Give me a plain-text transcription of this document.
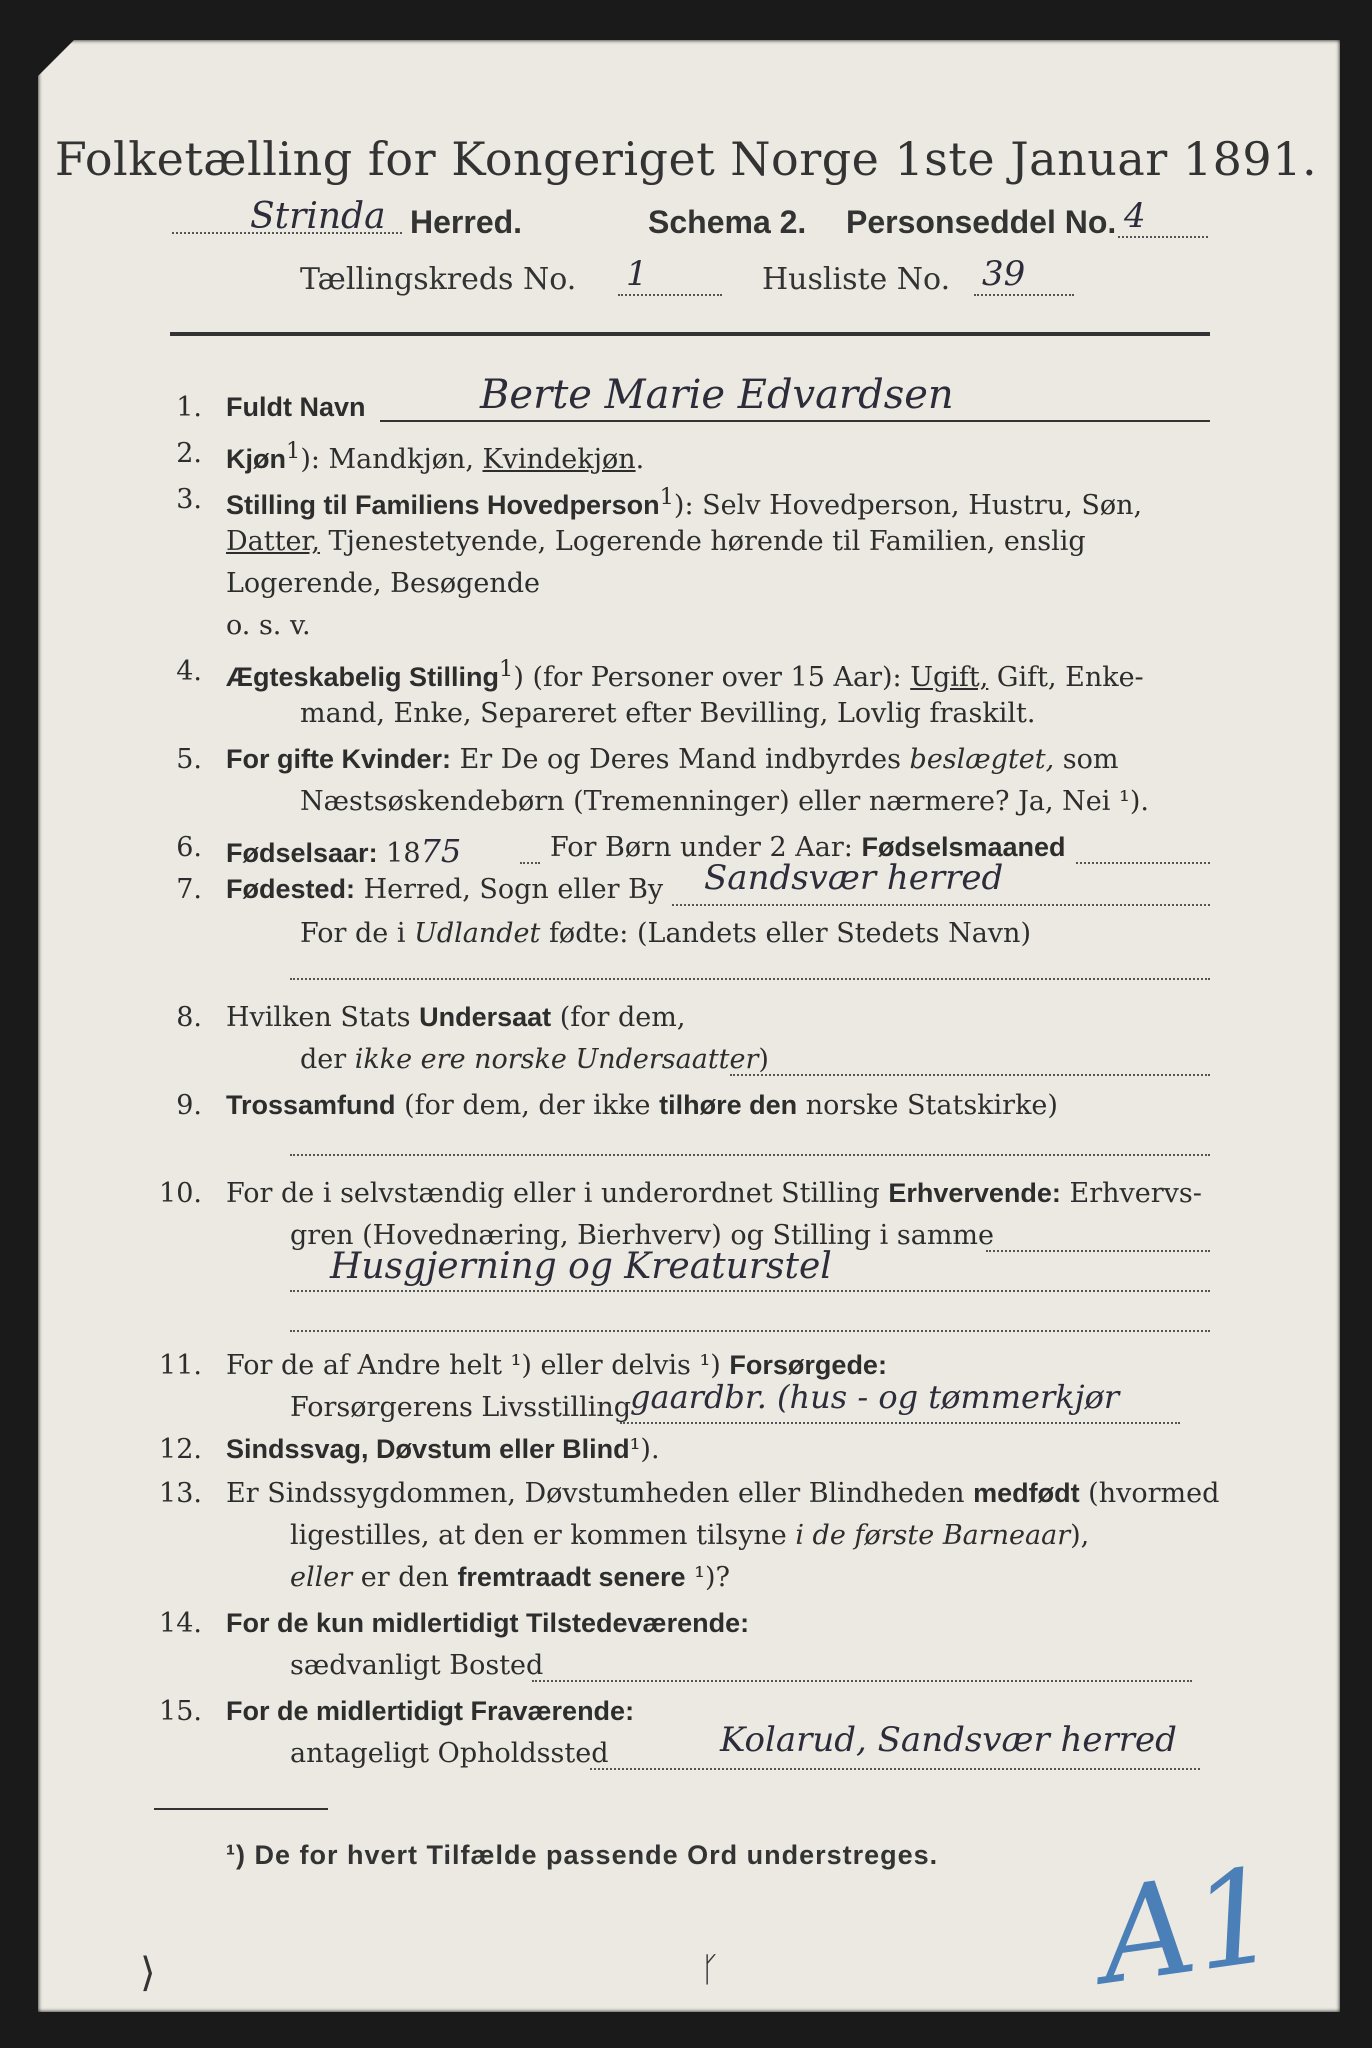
Folketælling for Kongeriget Norge 1ste Januar 1891.
Strinda Herred.	Schema 2. Personseddel No. 4
Tællingskreds No. 1	Husliste No. 39
1. Fuldt Navn	Berte Marie Edvardsen
2. Kjøn$^1$): Mandkjøn, Kvindekjøn.
3. Stilling til Familiens Hovedperson$^1$): Selv Hovedperson, Hustru, Søn,
Datter, Tjenestetyende, Logerende hørende til Familien, enslig
Logerende, Besøgende
o. s. v.
4. Ægteskabelig Stilling$^1$) (for Personer over 15 Aar): Ugift, Gift, Enke-
mand, Enke, Separeret efter Bevilling, Lovlig fraskilt.
5. For gifte Kvinder: Er De og Deres Mand indbyrdes beslægtet, som
Næstsøskendebørn (Tremenninger) eller nærmere? Ja, Nei ¹).
6. Fødselsaar: 1875	For Børn under 2 Aar: Fødselsmaaned
7. Fødested: Herred, Sogn eller By Sandsvær herred
For de i Udlandet fødte: (Landets eller Stedets Navn)
8. Hvilken Stats Undersaat (for dem,
der ikke ere norske Undersaatter)
9. Trossamfund (for dem, der ikke tilhøre den norske Statskirke)
10. For de i selvstændig eller i underordnet Stilling Erhvervende: Erhvervs-
gren (Hovednæring, Bierhverv) og Stilling i samme
Husgjerning og Kreaturstel
11. For de af Andre helt ¹) eller delvis ¹) Forsørgede:
Forsørgerens Livsstilling
gaardbr. (hus - og tømmerkjør
12. Sindssvag, Døvstum eller Blind¹).
13. Er Sindssygdommen, Døvstumheden eller Blindheden medfødt (hvormed
ligestilles, at den er kommen tilsyne i de første Barneaar),
eller er den fremtraadt senere ¹)?
14. For de kun midlertidigt Tilstedeværende:
sædvanligt Bosted
15. For de midlertidigt Fraværende:
antageligt Opholdssted	Kolarud, Sandsvær herred
¹) De for hvert Tilfælde passende Ord understreges. A1
⟩	ᚴ
